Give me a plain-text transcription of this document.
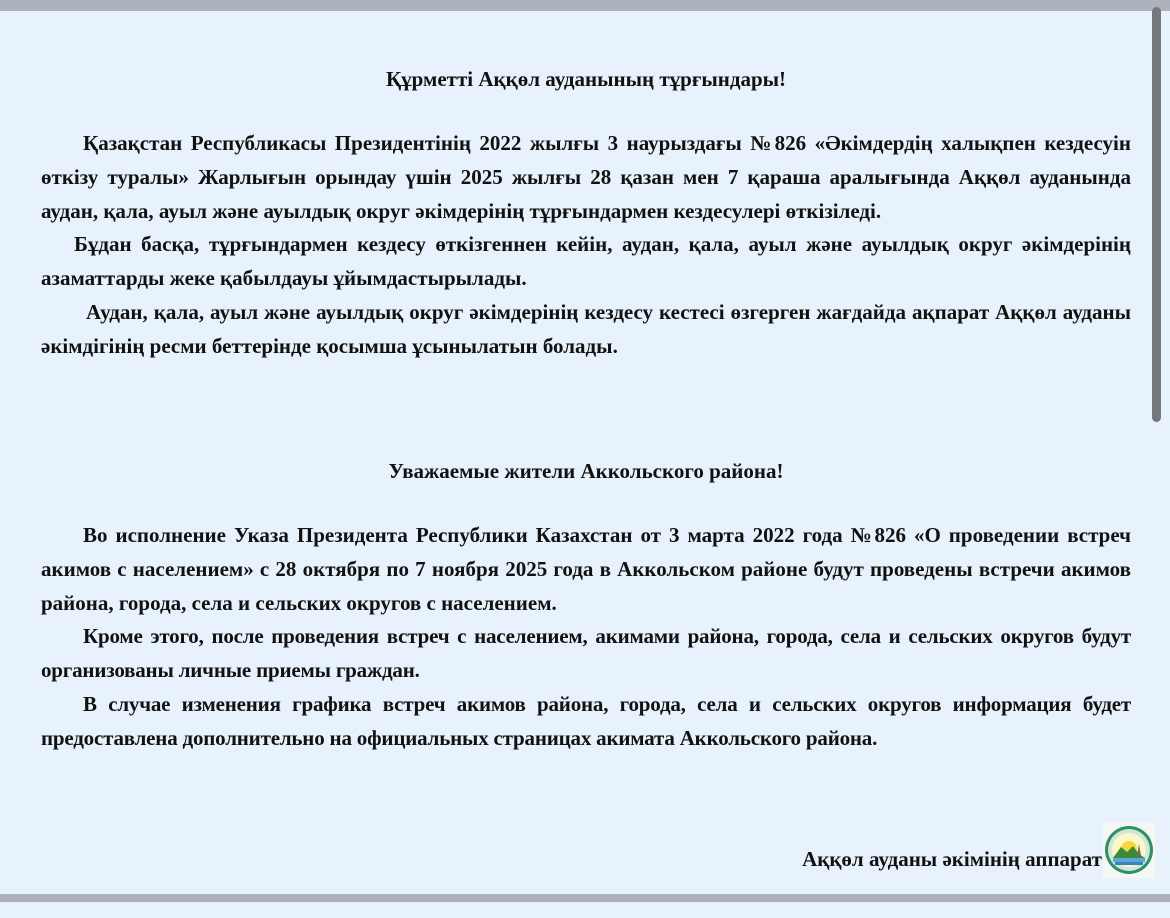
Құрметті Аққөл ауданының тұрғындары!

Қазақстан Республикасы Президентінің 2022 жылғы 3 наурыздағы №826 «Әкімдердің халықпен кездесуін өткізу туралы» Жарлығын орындау үшін 2025 жылғы 28 қазан мен 7 қараша аралығында Аққөл ауданында аудан, қала, ауыл және ауылдық округ әкімдерінің тұрғындармен кездесулері өткізіледі.

Бұдан басқа, тұрғындармен кездесу өткізгеннен кейін, аудан, қала, ауыл және ауылдық округ әкімдерінің азаматтарды жеке қабылдауы ұйымдастырылады.

Аудан, қала, ауыл және ауылдық округ әкімдерінің кездесу кестесі өзгерген жағдайда ақпарат Аққөл ауданы әкімдігінің ресми беттерінде қосымша ұсынылатын болады.

Уважаемые жители Аккольского района!

Во исполнение Указа Президента Республики Казахстан от 3 марта 2022 года №826 «О проведении встреч акимов с населением» с 28 октября по 7 ноября 2025 года в Аккольском районе будут проведены встречи акимов района, города, села и сельских округов с населением.

Кроме этого, после проведения встреч с населением, акимами района, города, села и сельских округов будут организованы личные приемы граждан.

В случае изменения графика встреч акимов района, города, села и сельских округов информация будет предоставлена дополнительно на официальных страницах акимата Аккольского района.

Аққөл ауданы әкімінің аппарат
